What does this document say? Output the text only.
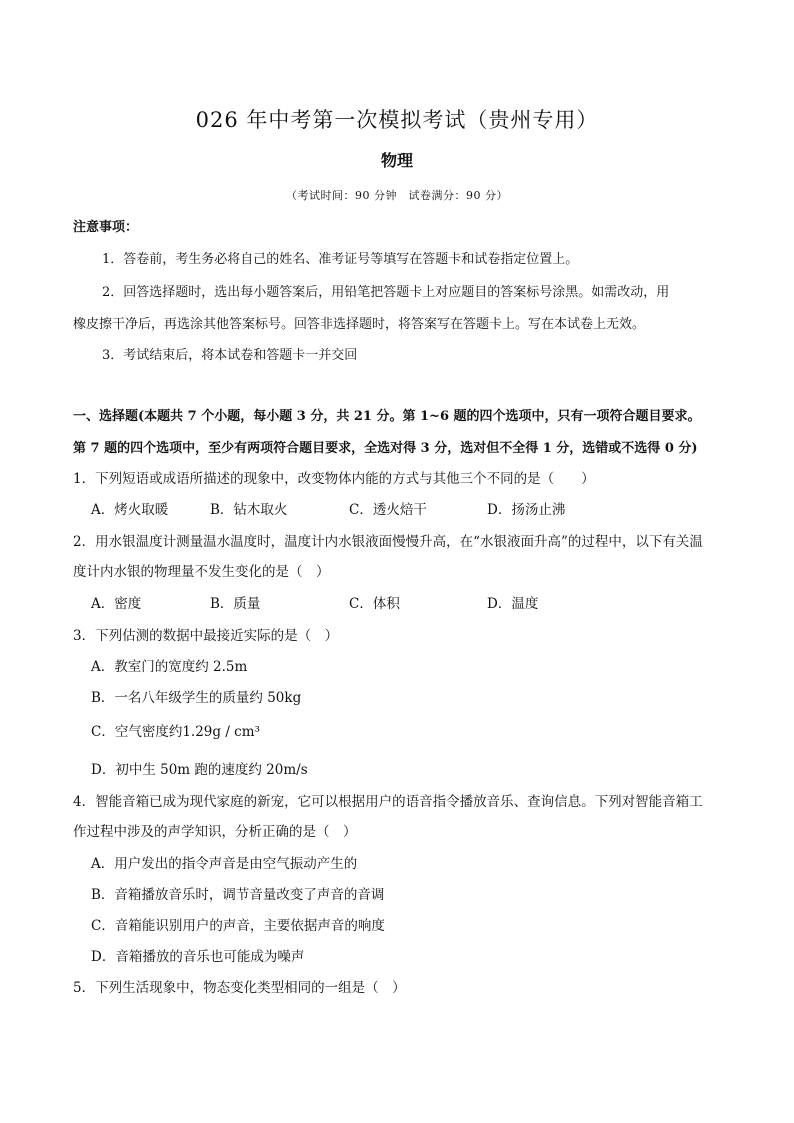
026 年中考第一次模拟考试（贵州专用）
物理
（考试时间：90 分钟　试卷满分：90 分）
注意事项：
1．答卷前，考生务必将自己的姓名、准考证号等填写在答题卡和试卷指定位置上。
2．回答选择题时，选出每小题答案后，用铅笔把答题卡上对应题目的答案标号涂黑。如需改动，用
橡皮擦干净后，再选涂其他答案标号。回答非选择题时，将答案写在答题卡上。写在本试卷上无效。
3．考试结束后，将本试卷和答题卡一并交回
一、选择题(本题共 7 个小题，每小题 3 分，共 21 分。第 1~6 题的四个选项中，只有一项符合题目要求。
第 7 题的四个选项中，至少有两项符合题目要求，全选对得 3 分，选对但不全得 1 分，选错或不选得 0 分)
1．下列短语或成语所描述的现象中，改变物体内能的方式与其他三个不同的是（　　）
A．烤火取暖	B．钻木取火	C．透火焙干	D．扬汤止沸
2．用水银温度计测量温水温度时，温度计内水银液面慢慢升高，在“水银液面升高”的过程中，以下有关温
度计内水银的物理量不发生变化的是（　）
A．密度	B．质量	C．体积	D．温度
3．下列估测的数据中最接近实际的是（　）
A．教室门的宽度约 2.5m
B．一名八年级学生的质量约 50kg
C．空气密度约1.29g / cm³
D．初中生 50m 跑的速度约 20m/s
4．智能音箱已成为现代家庭的新宠，它可以根据用户的语音指令播放音乐、查询信息。下列对智能音箱工
作过程中涉及的声学知识，分析正确的是（　）
A．用户发出的指令声音是由空气振动产生的
B．音箱播放音乐时，调节音量改变了声音的音调
C．音箱能识别用户的声音，主要依据声音的响度
D．音箱播放的音乐也可能成为噪声
5．下列生活现象中，物态变化类型相同的一组是（　）
